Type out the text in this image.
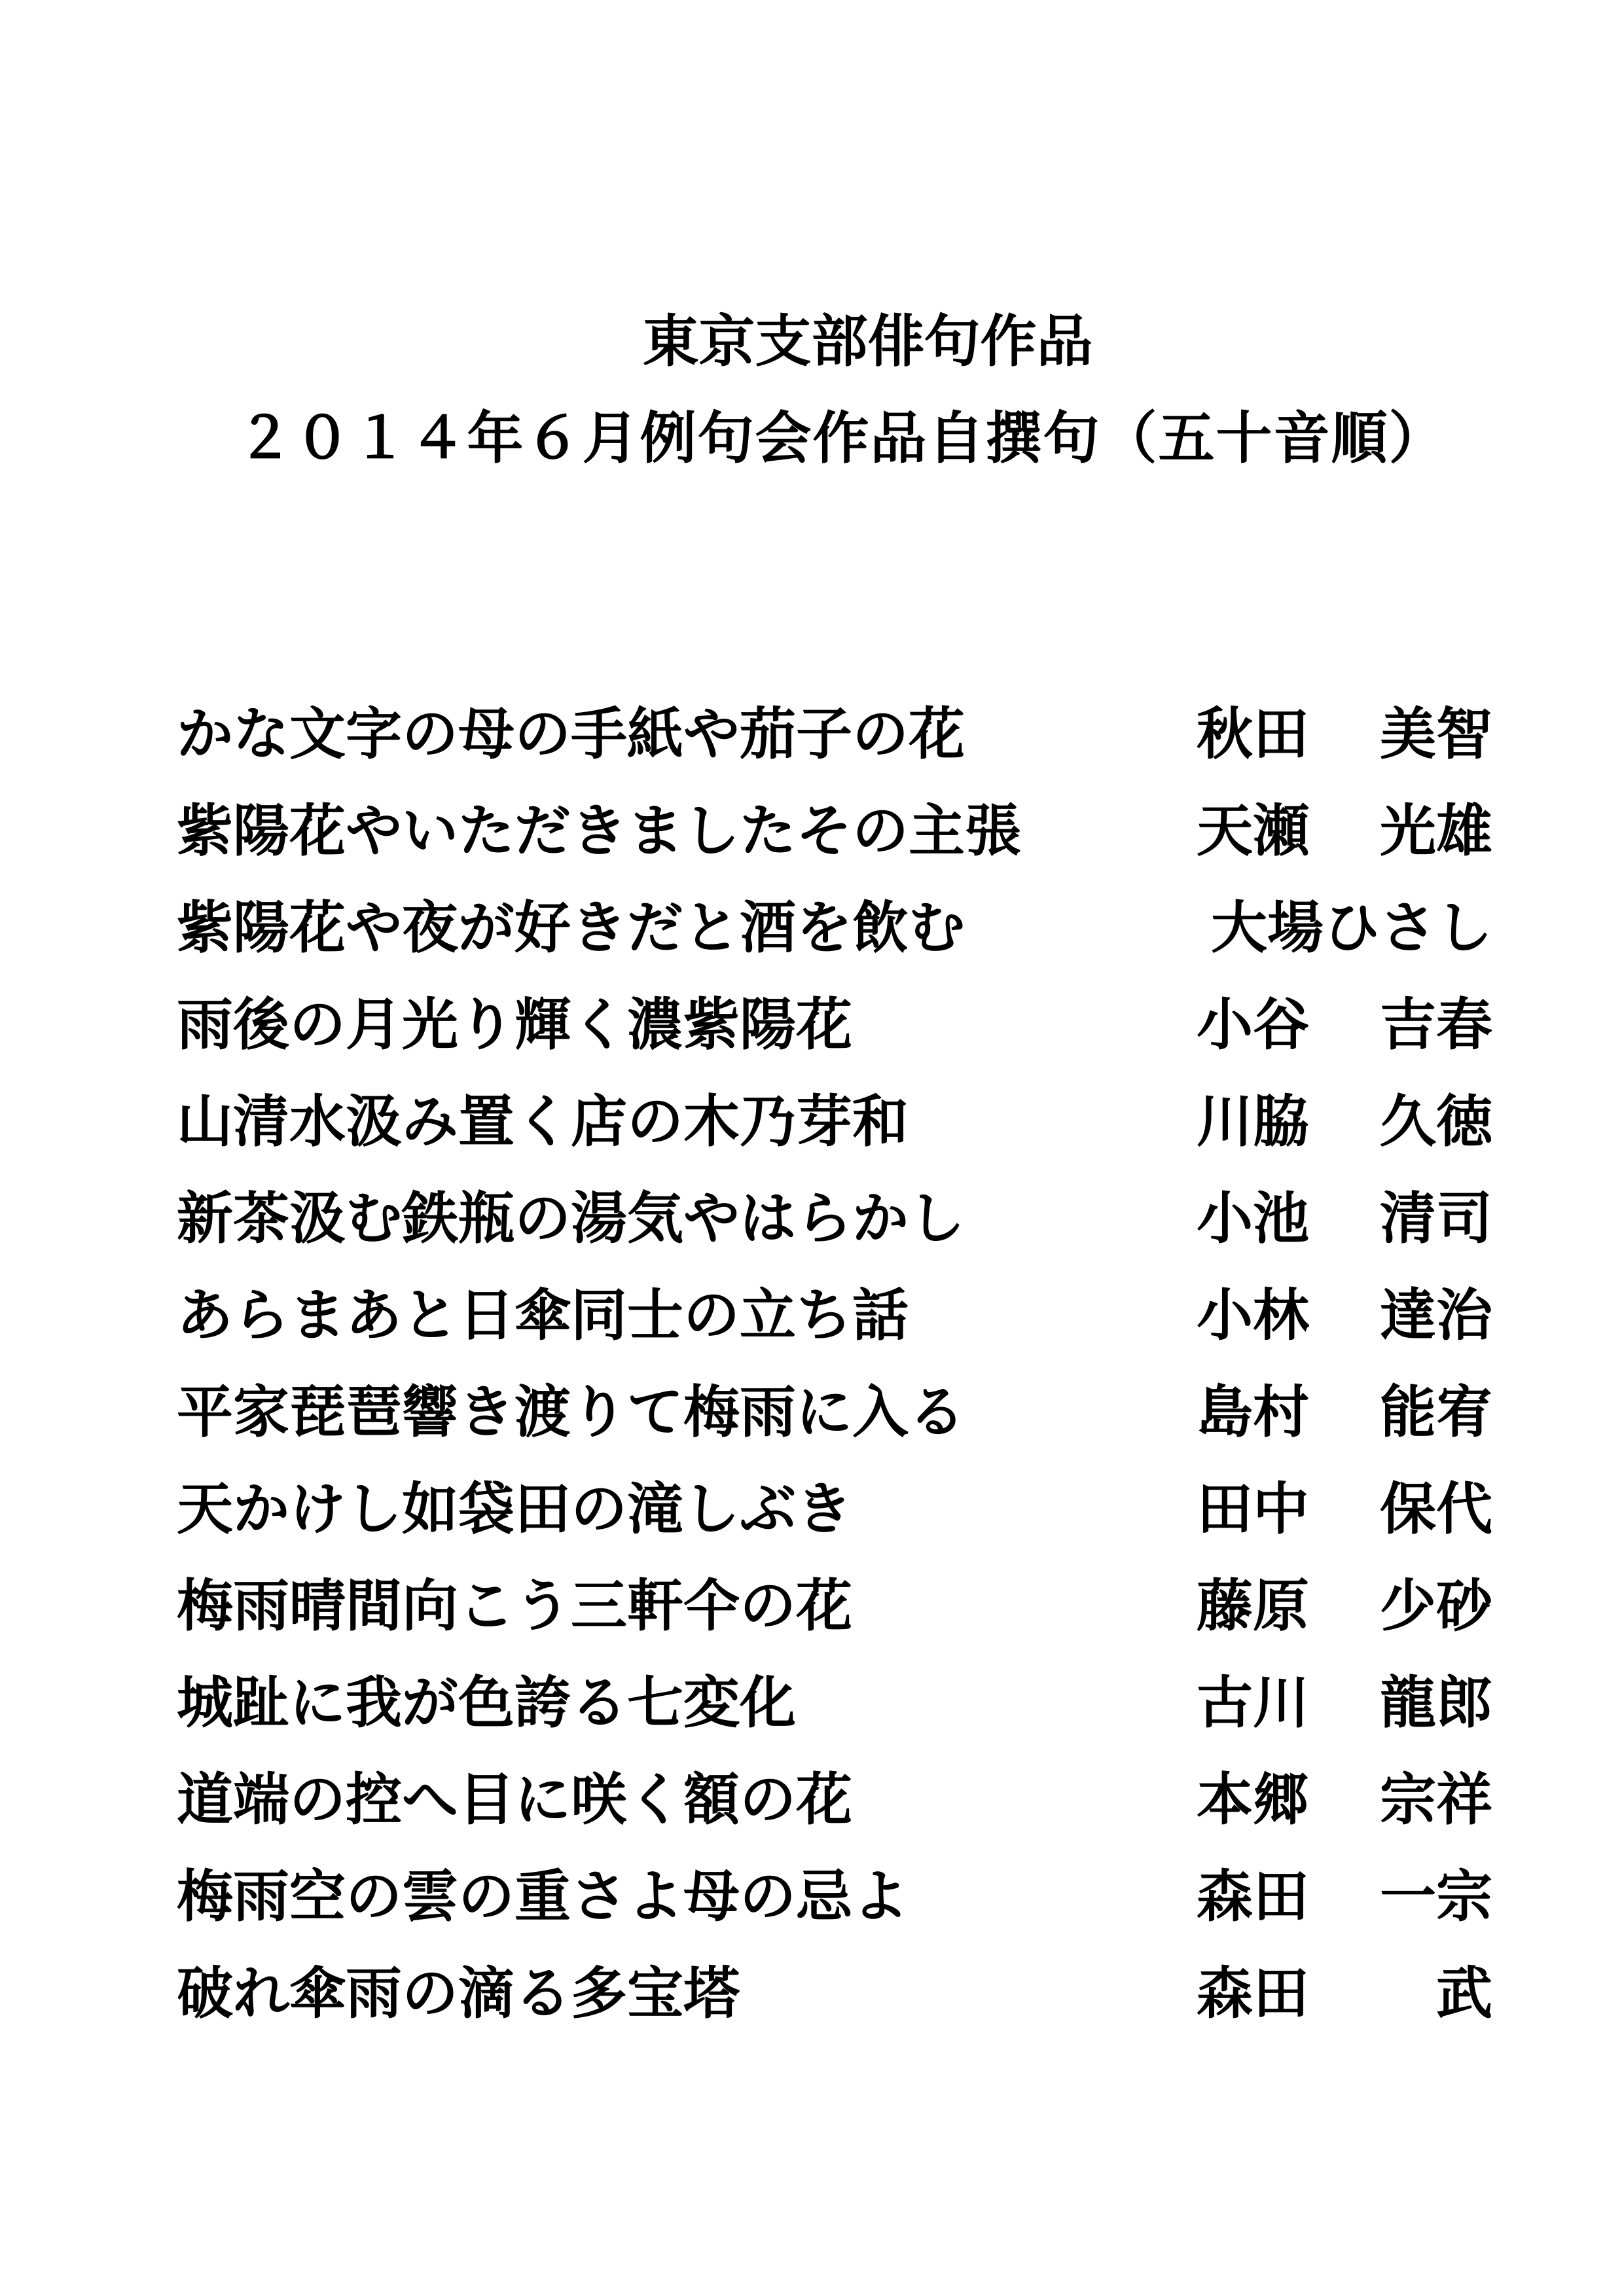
東京支部俳句作品
２０１４年６月例句会作品自撰句（五十音順）
かな文字の母の手紙や茄子の花	秋田 美智
紫陽花やいただきましたその主張	天瀬 光雄
紫陽花や夜が好きだと酒を飲む	大場ひさし
雨後の月光り輝く濃紫陽花	小谷 吉春
山清水汲み置く店の木乃芽和	川脇 久徳
新茶汲む鉄瓶の湯気やはらかし	小池 清司
あらまあと日傘同士の立ち話	小林 達治
平家琵琶響き渡りて梅雨に入る	島村 能宥
天かけし如袋田の滝しぶき	田中 保代
梅雨晴間向こう三軒仐の花	藤原 少砂
城趾に我が色誇る七変化	古川 龍郎
道端の控へ目に咲く額の花	本郷 宗祥
梅雨空の雲の重さよ母の忌よ	森田 一宗
破れ傘雨の滴る多宝塔	森田 武
